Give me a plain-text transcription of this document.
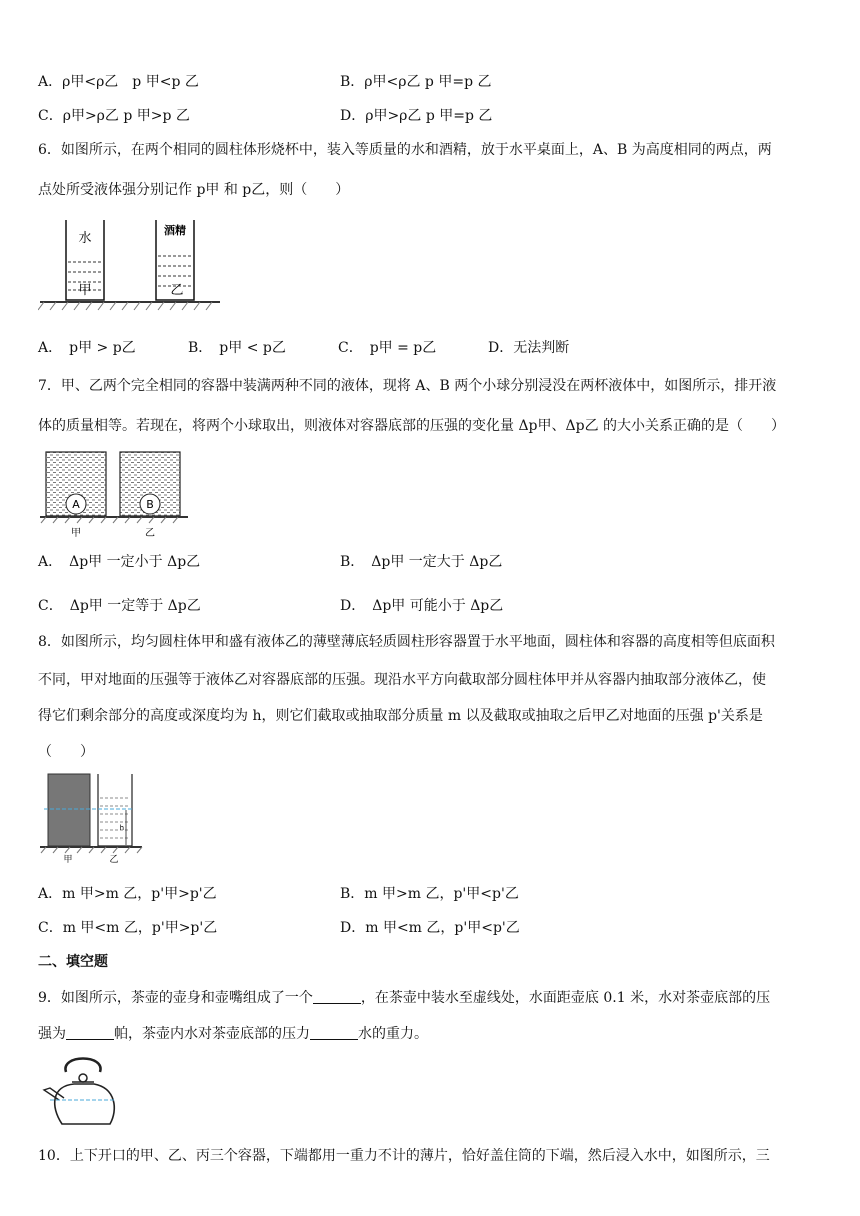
A．ρ甲<ρ乙　p 甲<p 乙	B．ρ甲<ρ乙 p 甲=p 乙
C．ρ甲>ρ乙 p 甲>p 乙	D．ρ甲>ρ乙 p 甲=p 乙
6．如图所示，在两个相同的圆柱体形烧杯中，装入等质量的水和酒精，放于水平桌面上，A、B 为高度相同的两点，两
点处所受液体强分别记作 p甲 和 p乙，则（　　）
水
酒精
甲	乙
A．　p甲 > p乙	B．　p甲 < p乙	C．　p甲 = p乙	D．无法判断
7．甲、乙两个完全相同的容器中装满两种不同的液体，现将 A、B 两个小球分别浸没在两杯液体中，如图所示，排开液
体的质量相等。若现在，将两个小球取出，则液体对容器底部的压强的变化量 Δp甲、Δp乙 的大小关系正确的是（　　）
A	B
甲	乙
A．　Δp甲 一定小于 Δp乙	B．　Δp甲 一定大于 Δp乙
C．　Δp甲 一定等于 Δp乙	D．　Δp甲 可能小于 Δp乙
8．如图所示，均匀圆柱体甲和盛有液体乙的薄壁薄底轻质圆柱形容器置于水平地面，圆柱体和容器的高度相等但底面积
不同，甲对地面的压强等于液体乙对容器底部的压强。现沿水平方向截取部分圆柱体甲并从容器内抽取部分液体乙，使
得它们剩余部分的高度或深度均为 h，则它们截取或抽取部分质量 m 以及截取或抽取之后甲乙对地面的压强 p'关系是
（　　）
h
甲	乙
A．m 甲>m 乙，p'甲>p'乙	B．m 甲>m 乙，p'甲<p'乙
C．m 甲<m 乙，p'甲>p'乙	D．m 甲<m 乙，p'甲<p'乙
二、填空题
9．如图所示，茶壶的壶身和壶嘴组成了一个	，在茶壶中装水至虚线处，水面距壶底 0.1 米，水对茶壶底部的压
强为	帕，茶壶内水对茶壶底部的压力	水的重力。
10．上下开口的甲、乙、丙三个容器，下端都用一重力不计的薄片，恰好盖住筒的下端，然后浸入水中，如图所示，三
